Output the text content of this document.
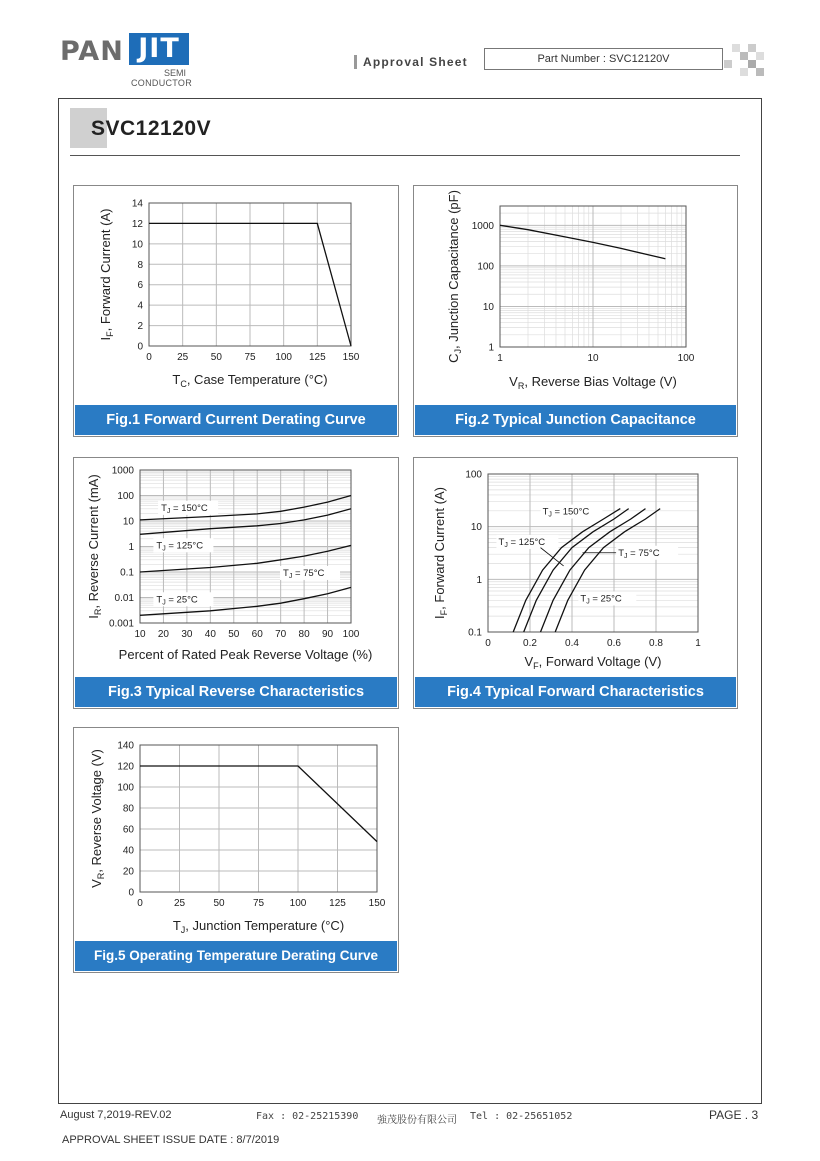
PAN JIT
SEMI
CONDUCTOR
Approval Sheet	Part Number : SVC12120V
SVC12120V
0	25 50 75 100 125 150
0
2
4
6
8
10
12
14
$T_C$, Case Temperature (°C)
$I_F$, Forward Current (A)
Fig.1 Forward Current Derating Curve
1	10	100
1
10
100
1000
$V_R$, Reverse Bias Voltage (V)
$C_J$, Junction Capacitance (pF)
Fig.2 Typical Junction Capacitance
10 20 30 40 50 60 70 80 90 100
0.001
0.01
0.1
1
10
100
1000
Percent of Rated Peak Reverse Voltage (%)
$I_R$, Reverse Current (mA)	$T_J = 150^\circ C$
$T_J = 125^\circ C$
$T_J = 75^\circ C$
$T_J = 25^\circ C$
Fig.3 Typical Reverse Characteristics
0	0.2	0.4	0.6	0.8	1
0.1
1
10
100
$V_F$, Forward Voltage (V)
$I_F$, Forward Current (A)	$T_J = 150^\circ C$
$T_J = 125^\circ C$
$T_J = 75^\circ C$
$T_J = 25^\circ C$
Fig.4 Typical Forward Characteristics
0	25	50	75	100 125 150
0
20
40
60
80
100
120
140
$T_J$, Junction Temperature (°C)
$V_R$, Reverse Voltage (V)
Fig.5 Operating Temperature Derating Curve
August 7,2019-REV.02	Fax : 02-25215390 強茂股份有限公司 Tel : 02-25651052	PAGE . 3
APPROVAL SHEET ISSUE DATE : 8/7/2019
